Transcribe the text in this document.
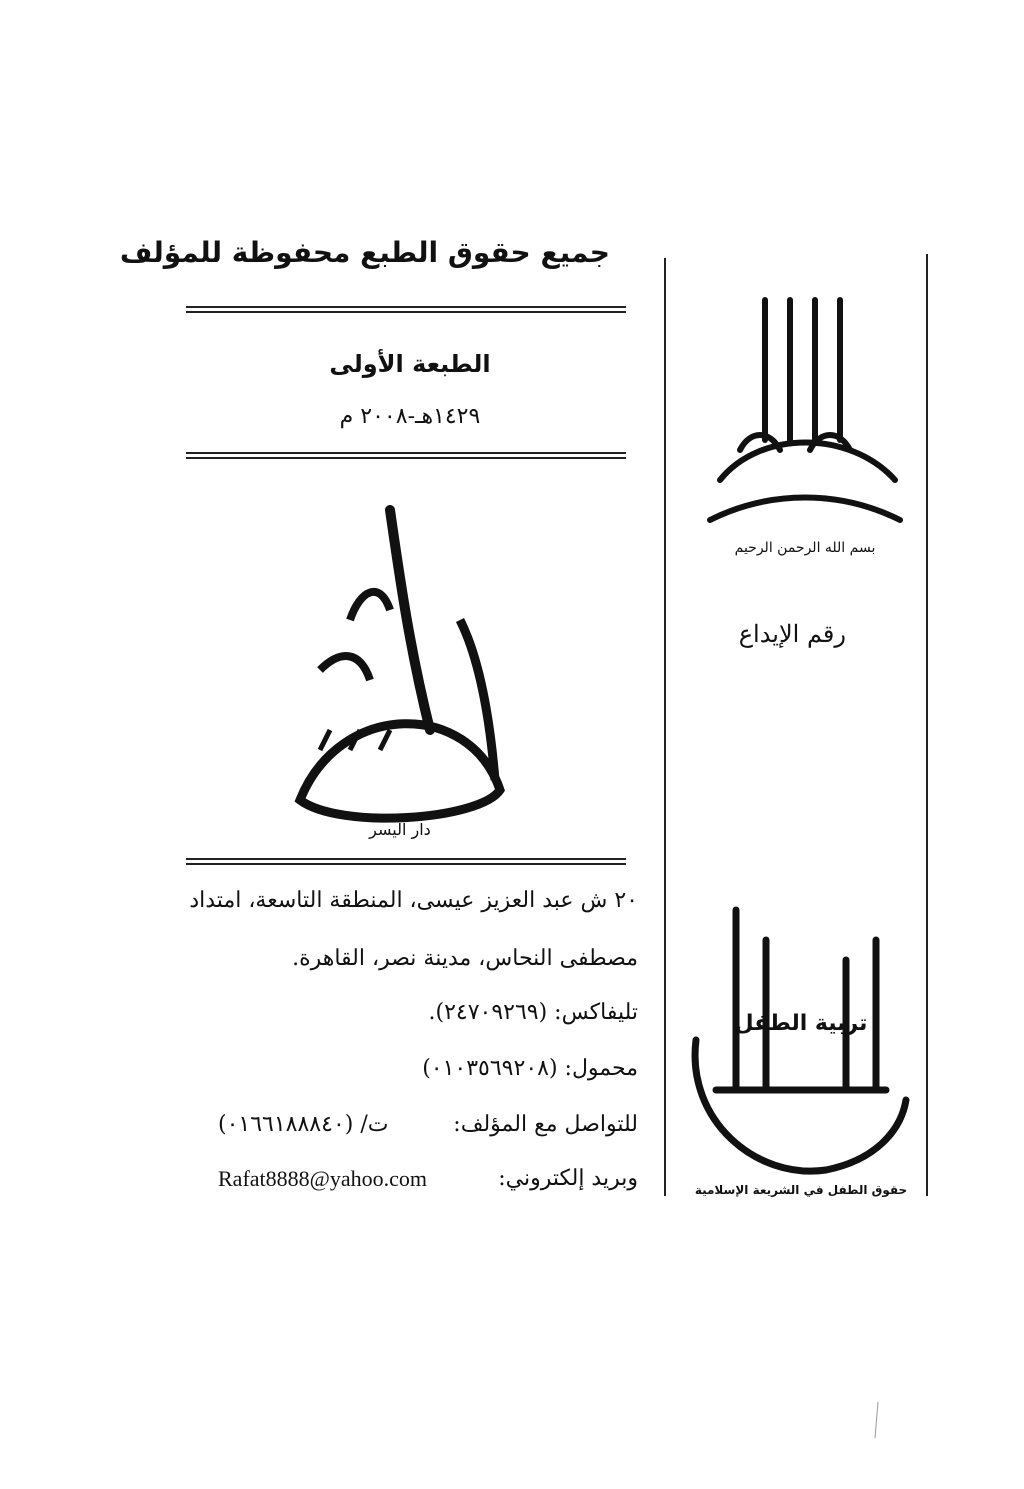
جميع حقوق الطبع محفوظة للمؤلف
الطبعة الأولى
١٤٢٩هـ-٢٠٠٨ م
دار اليسر
بسم الله الرحمن الرحيم
رقم الإيداع
تربية الطفل
حقوق الطفل في الشريعة الإسلامية
٢٠ ش عبد العزيز عيسى، المنطقة التاسعة، امتداد
مصطفى النحاس، مدينة نصر، القاهرة.
تليفاكس: (٢٤٧٠٩٢٦٩).
محمول: (٠١٠٣٥٦٩٢٠٨)
للتواصل مع المؤلف:
ت/ (٠١٦٦١٨٨٨٤٠)
وبريد إلكتروني:
Rafat8888@yahoo.com
